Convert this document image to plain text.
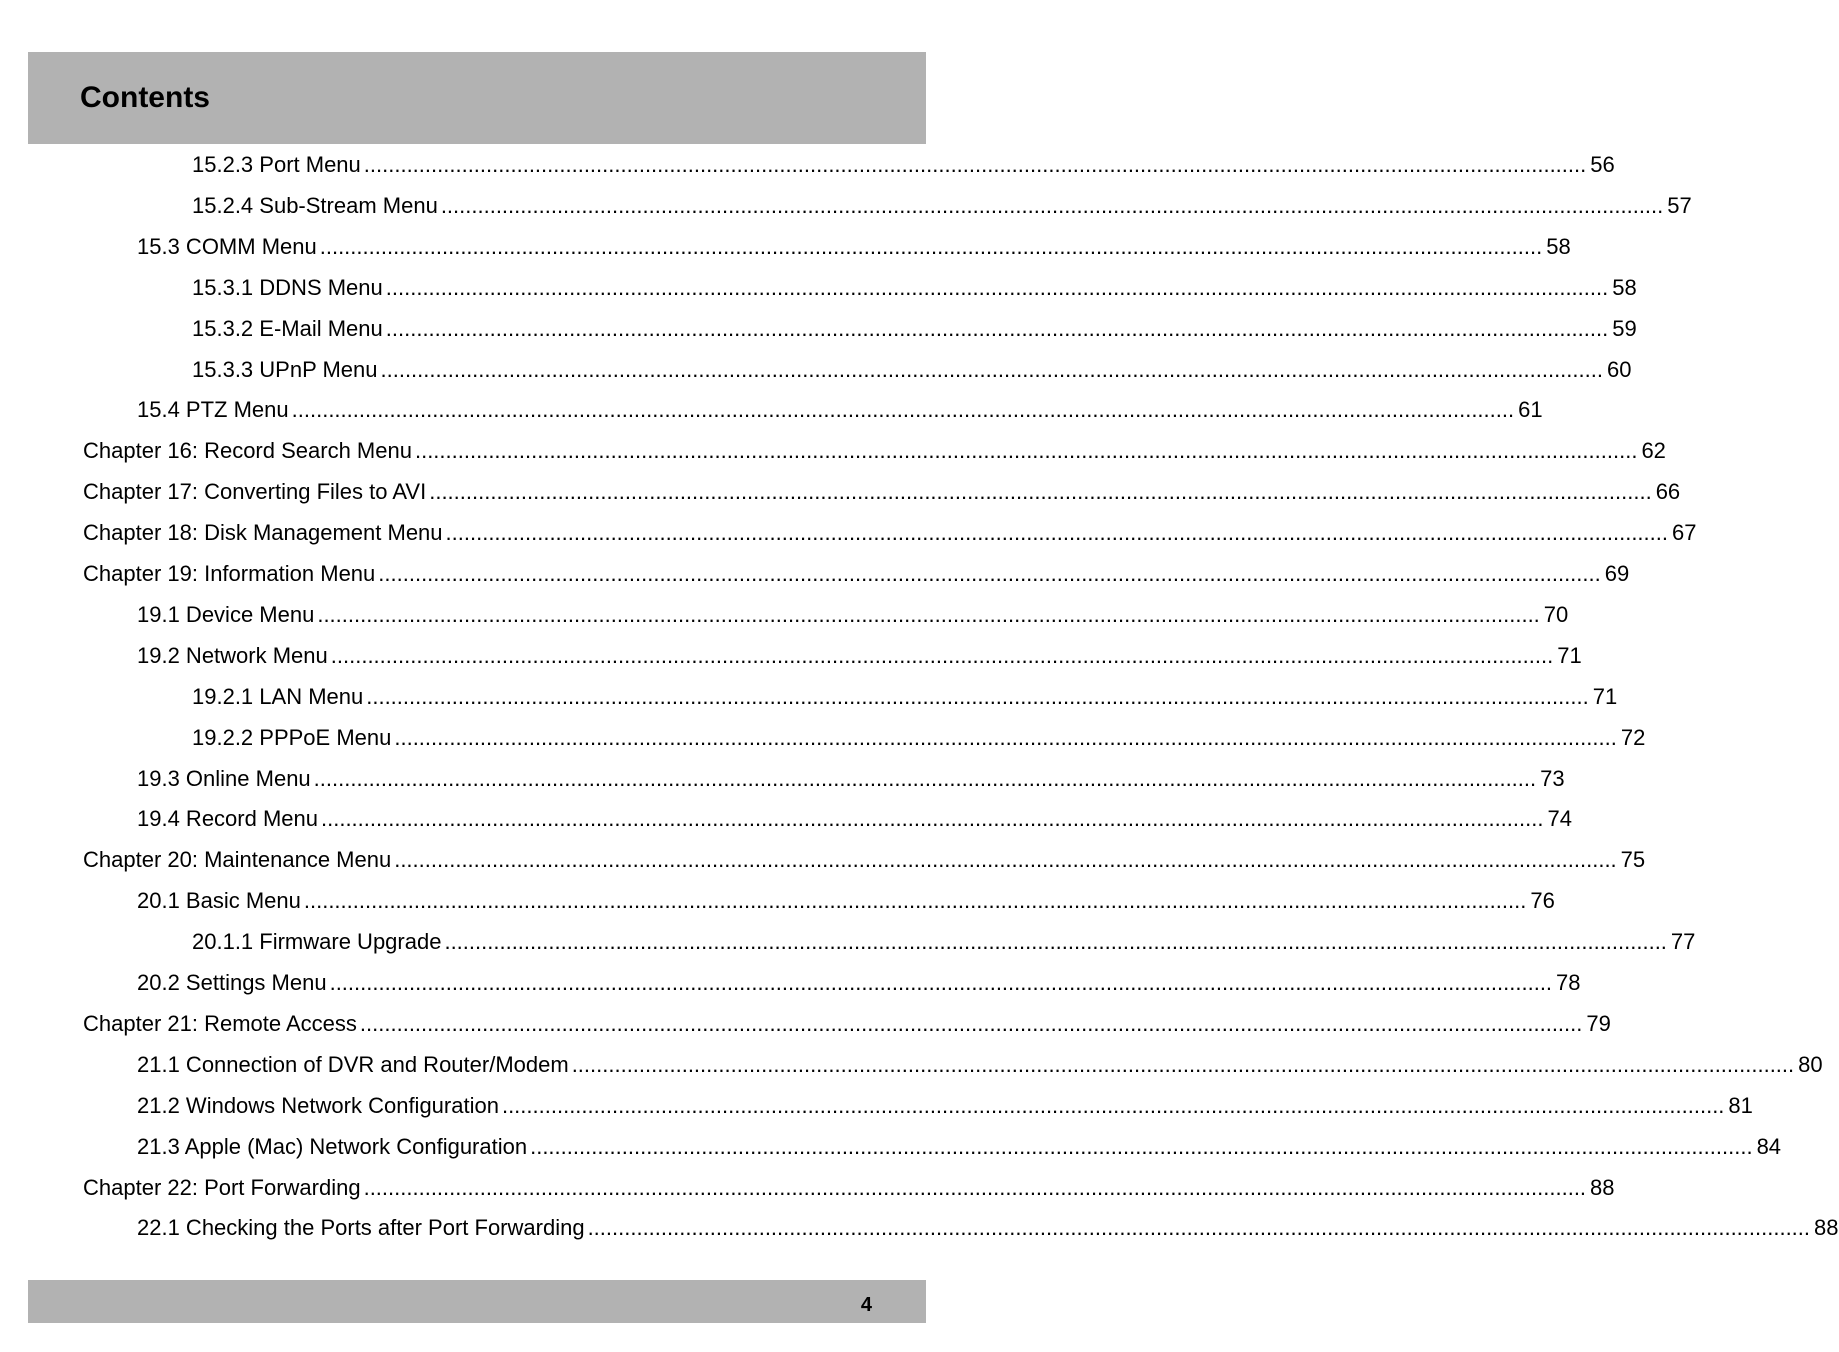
Contents
15.2.3 Port Menu ........................................................................................................................................................................................................ 56
15.2.4 Sub-Stream Menu ........................................................................................................................................................................................................ 57
15.3 COMM Menu ........................................................................................................................................................................................................ 58
15.3.1 DDNS Menu ........................................................................................................................................................................................................ 58
15.3.2 E-Mail Menu ........................................................................................................................................................................................................ 59
15.3.3 UPnP Menu ........................................................................................................................................................................................................ 60
15.4 PTZ Menu ........................................................................................................................................................................................................ 61
Chapter 16: Record Search Menu ........................................................................................................................................................................................................ 62
Chapter 17: Converting Files to AVI ........................................................................................................................................................................................................ 66
Chapter 18: Disk Management Menu ........................................................................................................................................................................................................ 67
Chapter 19: Information Menu ........................................................................................................................................................................................................ 69
19.1 Device Menu ........................................................................................................................................................................................................ 70
19.2 Network Menu ........................................................................................................................................................................................................ 71
19.2.1 LAN Menu ........................................................................................................................................................................................................ 71
19.2.2 PPPoE Menu ........................................................................................................................................................................................................ 72
19.3 Online Menu ........................................................................................................................................................................................................ 73
19.4 Record Menu ........................................................................................................................................................................................................ 74
Chapter 20: Maintenance Menu ........................................................................................................................................................................................................ 75
20.1 Basic Menu ........................................................................................................................................................................................................ 76
20.1.1 Firmware Upgrade ........................................................................................................................................................................................................ 77
20.2 Settings Menu ........................................................................................................................................................................................................ 78
Chapter 21: Remote Access ........................................................................................................................................................................................................ 79
21.1 Connection of DVR and Router/Modem ........................................................................................................................................................................................................ 80
21.2 Windows Network Configuration ........................................................................................................................................................................................................ 81
21.3 Apple (Mac) Network Configuration ........................................................................................................................................................................................................ 84
Chapter 22: Port Forwarding ........................................................................................................................................................................................................ 88
22.1 Checking the Ports after Port Forwarding ........................................................................................................................................................................................................ 88
4
